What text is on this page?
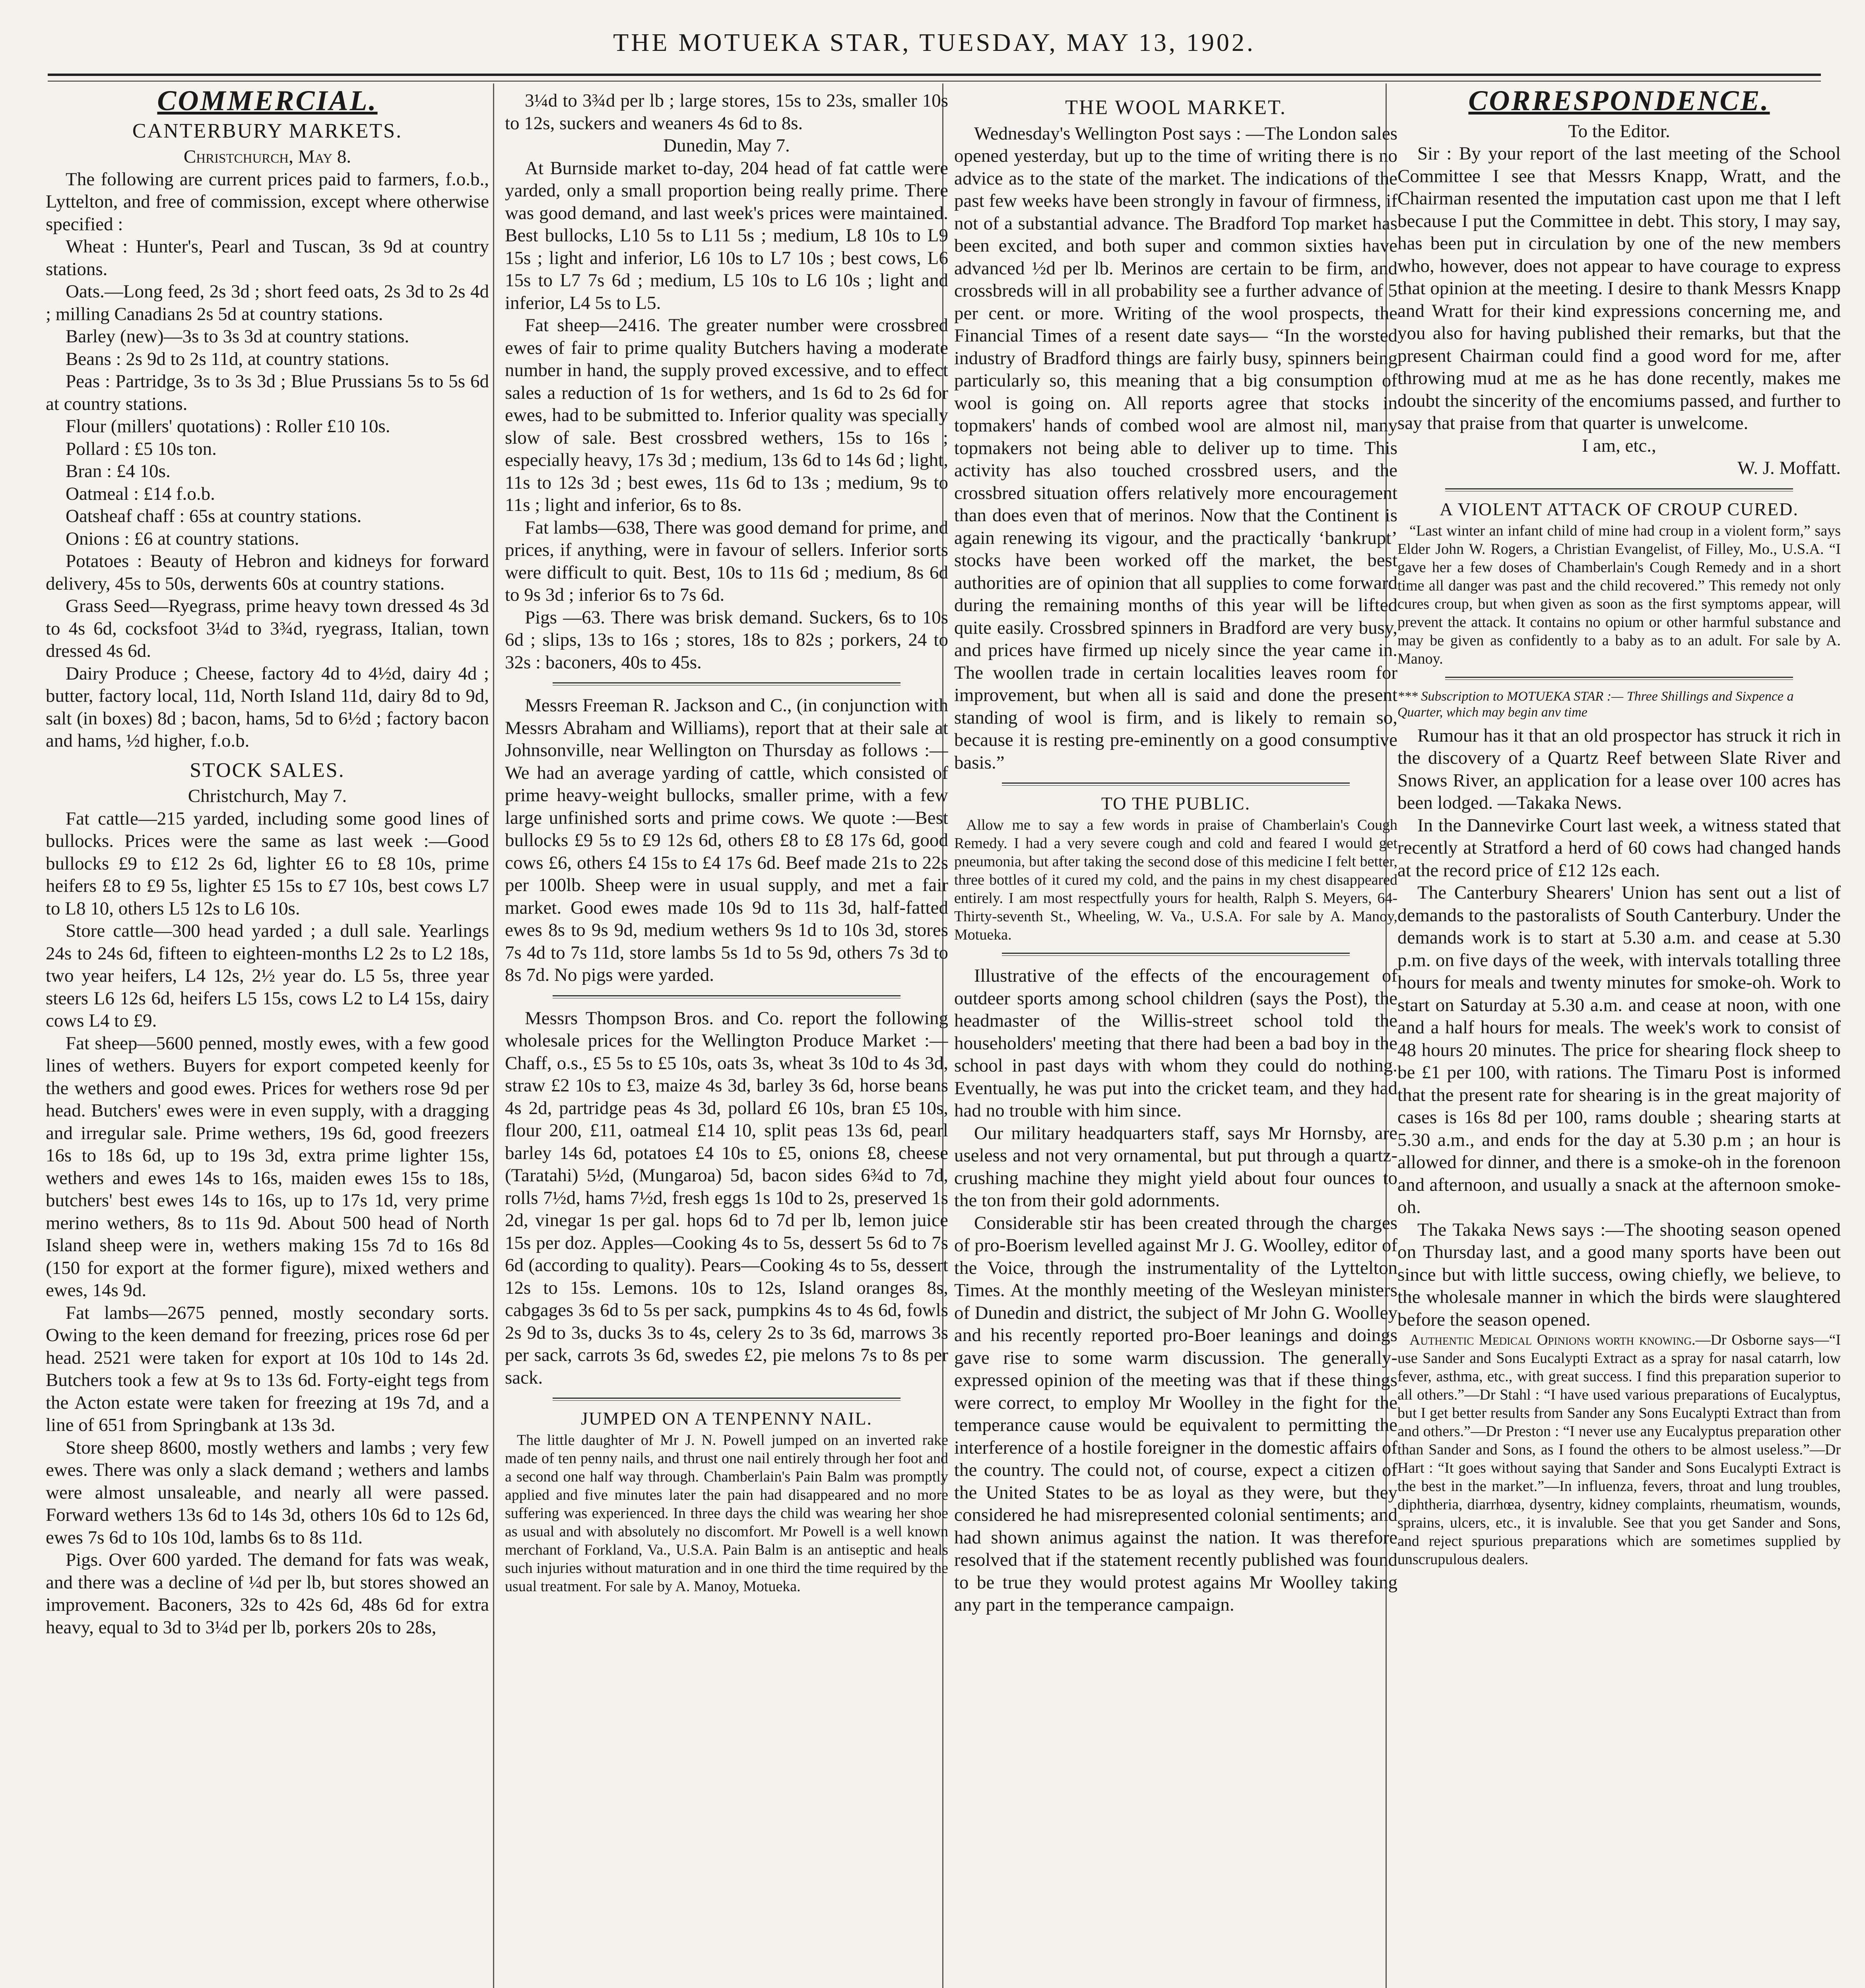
THE MOTUEKA STAR, TUESDAY, MAY 13, 1902.
COMMERCIAL.
CANTERBURY MARKETS.

Christchurch, May 8.

The following are current prices paid to farmers, f.o.b., Lyttelton, and free of commission, except where otherwise specified :

Wheat : Hunter's, Pearl and Tuscan, 3s 9d at country stations.

Oats.—Long feed, 2s 3d ; short feed oats, 2s 3d to 2s 4d ; milling Canadians 2s 5d at country stations.

Barley (new)—3s to 3s 3d at country stations.

Beans : 2s 9d to 2s 11d, at country stations.

Peas : Partridge, 3s to 3s 3d ; Blue Prussians 5s to 5s 6d at country stations.

Flour (millers' quotations) : Roller £10 10s.

Pollard : £5 10s ton.

Bran : £4 10s.

Oatmeal : £14 f.o.b.

Oatsheaf chaff : 65s at country stations.

Onions : £6 at country stations.

Potatoes : Beauty of Hebron and kidneys for forward delivery, 45s to 50s, derwents 60s at country stations.

Grass Seed—Ryegrass, prime heavy town dressed 4s 3d to 4s 6d, cocksfoot 3¼d to 3¾d, ryegrass, Italian, town dressed 4s 6d.

Dairy Produce ; Cheese, factory 4d to 4½d, dairy 4d ; butter, factory local, 11d, North Island 11d, dairy 8d to 9d, salt (in boxes) 8d ; bacon, hams, 5d to 6½d ; factory bacon and hams, ½d higher, f.o.b.

STOCK SALES.

Christchurch, May 7.

Fat cattle—215 yarded, including some good lines of bullocks. Prices were the same as last week :—Good bullocks £9 to £12 2s 6d, lighter £6 to £8 10s, prime heifers £8 to £9 5s, lighter £5 15s to £7 10s, best cows L7 to L8 10, others L5 12s to L6 10s.

Store cattle—300 head yarded ; a dull sale. Yearlings 24s to 24s 6d, fifteen to eighteen-months L2 2s to L2 18s, two year heifers, L4 12s, 2½ year do. L5 5s, three year steers L6 12s 6d, heifers L5 15s, cows L2 to L4 15s, dairy cows L4 to £9.

Fat sheep—5600 penned, mostly ewes, with a few good lines of wethers. Buyers for export competed keenly for the wethers and good ewes. Prices for wethers rose 9d per head. Butchers' ewes were in even supply, with a dragging and irregular sale. Prime wethers, 19s 6d, good freezers 16s to 18s 6d, up to 19s 3d, extra prime lighter 15s, wethers and ewes 14s to 16s, maiden ewes 15s to 18s, butchers' best ewes 14s to 16s, up to 17s 1d, very prime merino wethers, 8s to 11s 9d. About 500 head of North Island sheep were in, wethers making 15s 7d to 16s 8d (150 for export at the former figure), mixed wethers and ewes, 14s 9d.

Fat lambs—2675 penned, mostly secondary sorts. Owing to the keen demand for freezing, prices rose 6d per head. 2521 were taken for export at 10s 10d to 14s 2d. Butchers took a few at 9s to 13s 6d. Forty-eight tegs from the Acton estate were taken for freezing at 19s 7d, and a line of 651 from Springbank at 13s 3d.

Store sheep 8600, mostly wethers and lambs ; very few ewes. There was only a slack demand ; wethers and lambs were almost unsaleable, and nearly all were passed. Forward wethers 13s 6d to 14s 3d, others 10s 6d to 12s 6d, ewes 7s 6d to 10s 10d, lambs 6s to 8s 11d.

Pigs. Over 600 yarded. The demand for fats was weak, and there was a decline of ¼d per lb, but stores showed an improvement. Baconers, 32s to 42s 6d, 48s 6d for extra heavy, equal to 3d to 3¼d per lb, porkers 20s to 28s,

3¼d to 3¾d per lb ; large stores, 15s to 23s, smaller 10s to 12s, suckers and weaners 4s 6d to 8s.

Dunedin, May 7.

At Burnside market to-day, 204 head of fat cattle were yarded, only a small proportion being really prime. There was good demand, and last week's prices were maintained. Best bullocks, L10 5s to L11 5s ; medium, L8 10s to L9 15s ; light and inferior, L6 10s to L7 10s ; best cows, L6 15s to L7 7s 6d ; medium, L5 10s to L6 10s ; light and inferior, L4 5s to L5.

Fat sheep—2416. The greater number were crossbred ewes of fair to prime quality Butchers having a moderate number in hand, the supply proved excessive, and to effect sales a reduction of 1s for wethers, and 1s 6d to 2s 6d for ewes, had to be submitted to. Inferior quality was specially slow of sale. Best crossbred wethers, 15s to 16s ; especially heavy, 17s 3d ; medium, 13s 6d to 14s 6d ; light, 11s to 12s 3d ; best ewes, 11s 6d to 13s ; medium, 9s to 11s ; light and inferior, 6s to 8s.

Fat lambs—638, There was good demand for prime, and prices, if anything, were in favour of sellers. Inferior sorts were difficult to quit. Best, 10s to 11s 6d ; medium, 8s 6d to 9s 3d ; inferior 6s to 7s 6d.

Pigs —63. There was brisk demand. Suckers, 6s to 10s 6d ; slips, 13s to 16s ; stores, 18s to 82s ; porkers, 24 to 32s : baconers, 40s to 45s.

Messrs Freeman R. Jackson and C., (in conjunction with Messrs Abraham and Williams), report that at their sale at Johnsonville, near Wellington on Thursday as follows :—We had an average yarding of cattle, which consisted of prime heavy-weight bullocks, smaller prime, with a few large unfinished sorts and prime cows. We quote :—Best bullocks £9 5s to £9 12s 6d, others £8 to £8 17s 6d, good cows £6, others £4 15s to £4 17s 6d. Beef made 21s to 22s per 100lb. Sheep were in usual supply, and met a fair market. Good ewes made 10s 9d to 11s 3d, half-fatted ewes 8s to 9s 9d, medium wethers 9s 1d to 10s 3d, stores 7s 4d to 7s 11d, store lambs 5s 1d to 5s 9d, others 7s 3d to 8s 7d. No pigs were yarded.

Messrs Thompson Bros. and Co. report the following wholesale prices for the Wellington Produce Market :—Chaff, o.s., £5 5s to £5 10s, oats 3s, wheat 3s 10d to 4s 3d, straw £2 10s to £3, maize 4s 3d, barley 3s 6d, horse beans 4s 2d, partridge peas 4s 3d, pollard £6 10s, bran £5 10s, flour 200, £11, oatmeal £14 10, split peas 13s 6d, pearl barley 14s 6d, potatoes £4 10s to £5, onions £8, cheese (Taratahi) 5½d, (Mungaroa) 5d, bacon sides 6¾d to 7d, rolls 7½d, hams 7½d, fresh eggs 1s 10d to 2s, preserved 1s 2d, vinegar 1s per gal. hops 6d to 7d per lb, lemon juice 15s per doz. Apples—Cooking 4s to 5s, dessert 5s 6d to 7s 6d (according to quality). Pears—Cooking 4s to 5s, dessert 12s to 15s. Lemons. 10s to 12s, Island oranges 8s, cabgages 3s 6d to 5s per sack, pumpkins 4s to 4s 6d, fowls 2s 9d to 3s, ducks 3s to 4s, celery 2s to 3s 6d, marrows 3s per sack, carrots 3s 6d, swedes £2, pie melons 7s to 8s per sack.

JUMPED ON A TENPENNY NAIL.

The little daughter of Mr J. N. Powell jumped on an inverted rake made of ten penny nails, and thrust one nail entirely through her foot and a second one half way through. Chamberlain's Pain Balm was promptly applied and five minutes later the pain had disappeared and no more suffering was experienced. In three days the child was wearing her shoe as usual and with absolutely no discomfort. Mr Powell is a well known merchant of Forkland, Va., U.S.A. Pain Balm is an antiseptic and heals such injuries without maturation and in one third the time required by the usual treatment. For sale by A. Manoy, Motueka.

THE WOOL MARKET.

Wednesday's Wellington Post says : —The London sales opened yesterday, but up to the time of writing there is no advice as to the state of the market. The indications of the past few weeks have been strongly in favour of firmness, if not of a substantial advance. The Bradford Top market has been excited, and both super and common sixties have advanced ½d per lb. Merinos are certain to be firm, and crossbreds will in all probability see a further advance of 5 per cent. or more. Writing of the wool prospects, the Financial Times of a resent date says— “In the worsted industry of Bradford things are fairly busy, spinners being particularly so, this meaning that a big consumption of wool is going on. All reports agree that stocks in topmakers' hands of combed wool are almost nil, many topmakers not being able to deliver up to time. This activity has also touched crossbred users, and the crossbred situation offers relatively more encouragement than does even that of merinos. Now that the Continent is again renewing its vigour, and the practically ‘bankrupt’ stocks have been worked off the market, the best authorities are of opinion that all supplies to come forward during the remaining months of this year will be lifted quite easily. Crossbred spinners in Bradford are very busy, and prices have firmed up nicely since the year came in. The woollen trade in certain localities leaves room for improvement, but when all is said and done the present standing of wool is firm, and is likely to remain so, because it is resting pre-eminently on a good consumptive basis.”

TO THE PUBLIC.

Allow me to say a few words in praise of Chamberlain's Cough Remedy. I had a very severe cough and cold and feared I would get pneumonia, but after taking the second dose of this medicine I felt better, three bottles of it cured my cold, and the pains in my chest disappeared entirely. I am most respectfully yours for health, Ralph S. Meyers, 64-Thirty-seventh St., Wheeling, W. Va., U.S.A. For sale by A. Manoy, Motueka.

Illustrative of the effects of the encouragement of outdeer sports among school children (says the Post), the headmaster of the Willis-street school told the householders' meeting that there had been a bad boy in the school in past days with whom they could do nothing. Eventually, he was put into the cricket team, and they had had no trouble with him since.

Our military headquarters staff, says Mr Hornsby, are useless and not very ornamental, but put through a quartz-crushing machine they might yield about four ounces to the ton from their gold adornments.

Considerable stir has been created through the charges of pro-Boerism levelled against Mr J. G. Woolley, editor of the Voice, through the instrumentality of the Lyttelton Times. At the monthly meeting of the Wesleyan ministers of Dunedin and district, the subject of Mr John G. Woolley and his recently reported pro-Boer leanings and doings gave rise to some warm discussion. The generally-expressed opinion of the meeting was that if these things were correct, to employ Mr Woolley in the fight for the temperance cause would be equivalent to permitting the interference of a hostile foreigner in the domestic affairs of the country. The could not, of course, expect a citizen of the United States to be as loyal as they were, but they considered he had misrepresented colonial sentiments; and had shown animus against the nation. It was therefore resolved that if the statement recently published was found to be true they would protest agains Mr Woolley taking any part in the temperance campaign.

CORRESPONDENCE.

To the Editor.

Sir : By your report of the last meeting of the School Committee I see that Messrs Knapp, Wratt, and the Chairman resented the imputation cast upon me that I left because I put the Committee in debt. This story, I may say, has been put in circulation by one of the new members who, however, does not appear to have courage to express that opinion at the meeting. I desire to thank Messrs Knapp and Wratt for their kind expressions concerning me, and you also for having published their remarks, but that the present Chairman could find a good word for me, after throwing mud at me as he has done recently, makes me doubt the sincerity of the encomiums passed, and further to say that praise from that quarter is unwelcome.

I am, etc.,

W. J. Moffatt.

A VIOLENT ATTACK OF CROUP CURED.

“Last winter an infant child of mine had croup in a violent form,” says Elder John W. Rogers, a Christian Evangelist, of Filley, Mo., U.S.A. “I gave her a few doses of Chamberlain's Cough Remedy and in a short time all danger was past and the child recovered.” This remedy not only cures croup, but when given as soon as the first symptoms appear, will prevent the attack. It contains no opium or other harmful substance and may be given as confidently to a baby as to an adult. For sale by A. Manoy.

*** Subscription to MOTUEKA STAR :— Three Shillings and Sixpence a Quarter, which may begin anv time

Rumour has it that an old prospector has struck it rich in the discovery of a Quartz Reef between Slate River and Snows River, an application for a lease over 100 acres has been lodged. —Takaka News.

In the Dannevirke Court last week, a witness stated that recently at Stratford a herd of 60 cows had changed hands at the record price of £12 12s each.

The Canterbury Shearers' Union has sent out a list of demands to the pastoralists of South Canterbury. Under the demands work is to start at 5.30 a.m. and cease at 5.30 p.m. on five days of the week, with intervals totalling three hours for meals and twenty minutes for smoke-oh. Work to start on Saturday at 5.30 a.m. and cease at noon, with one and a half hours for meals. The week's work to consist of 48 hours 20 minutes. The price for shearing flock sheep to be £1 per 100, with rations. The Timaru Post is informed that the present rate for shearing is in the great majority of cases is 16s 8d per 100, rams double ; shearing starts at 5.30 a.m., and ends for the day at 5.30 p.m ; an hour is allowed for dinner, and there is a smoke-oh in the forenoon and afternoon, and usually a snack at the afternoon smoke-oh.

The Takaka News says :—The shooting season opened on Thursday last, and a good many sports have been out since but with little success, owing chiefly, we believe, to the wholesale manner in which the birds were slaughtered before the season opened.

Authentic Medical Opinions worth knowing.—Dr Osborne says—“I use Sander and Sons Eucalypti Extract as a spray for nasal catarrh, low fever, asthma, etc., with great success. I find this preparation superior to all others.”—Dr Stahl : “I have used various preparations of Eucalyptus, but I get better results from Sander any Sons Eucalypti Extract than from and others.”—Dr Preston : “I never use any Eucalyptus preparation other than Sander and Sons, as I found the others to be almost useless.”—Dr Hart : “It goes without saying that Sander and Sons Eucalypti Extract is the best in the market.”—In influenza, fevers, throat and lung troubles, diphtheria, diarrhœa, dysentry, kidney complaints, rheumatism, wounds, sprains, ulcers, etc., it is invaluble. See that you get Sander and Sons, and reject spurious preparations which are sometimes supplied by unscrupulous dealers.
